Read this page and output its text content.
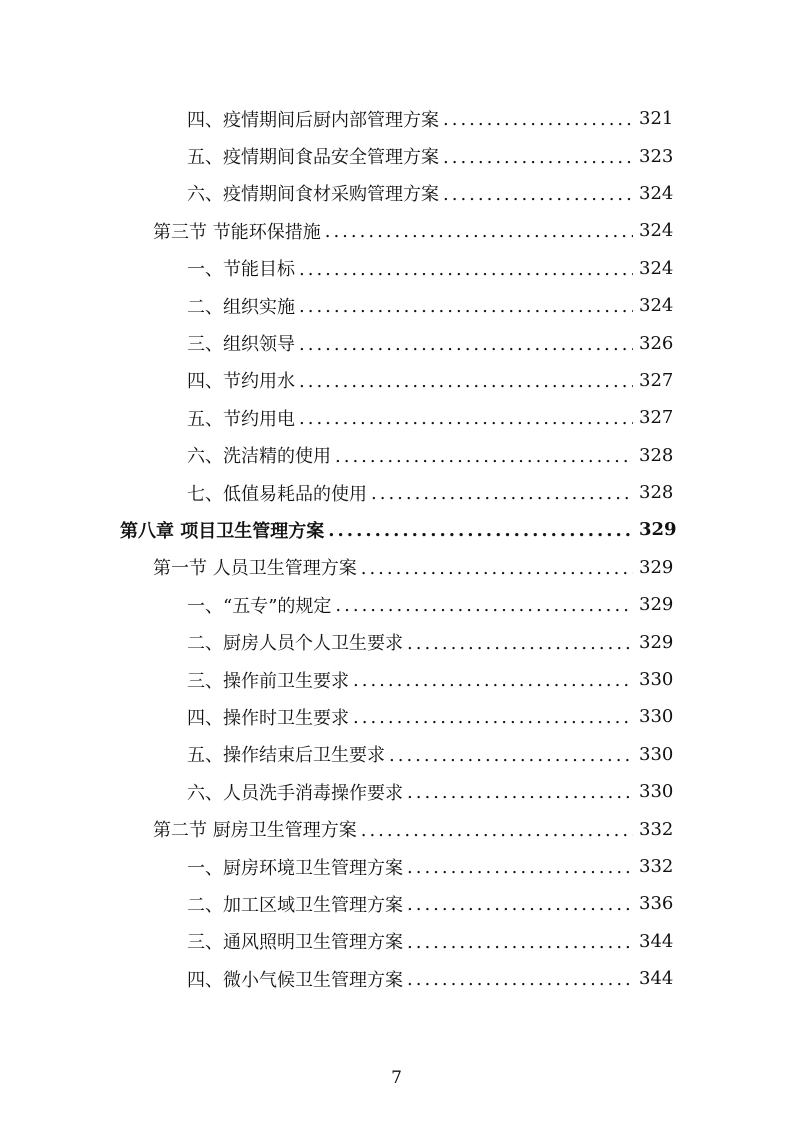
四、疫情期间后厨内部管理方案 .....	321
五、疫情期间食品安全管理方案 .....	323
六、疫情期间食材采购管理方案 .....	324
第三节 节能环保措施 .....	324
一、节能目标 .....	324
二、组织实施 .....	324
三、组织领导 .....	326
四、节约用水 .....	327
五、节约用电 .....	327
六、洗洁精的使用 .....	328
七、低值易耗品的使用 .....	328
第八章 项目卫生管理方案 .....	329
第一节 人员卫生管理方案 .....	329
一、“五专”的规定 .....	329
二、厨房人员个人卫生要求 .....	329
三、操作前卫生要求 .....	330
四、操作时卫生要求 .....	330
五、操作结束后卫生要求 .....	330
六、人员洗手消毒操作要求 .....	330
第二节 厨房卫生管理方案 .....	332
一、厨房环境卫生管理方案 .....	332
二、加工区域卫生管理方案 .....	336
三、通风照明卫生管理方案 .....	344
四、微小气候卫生管理方案 .....	344
7
